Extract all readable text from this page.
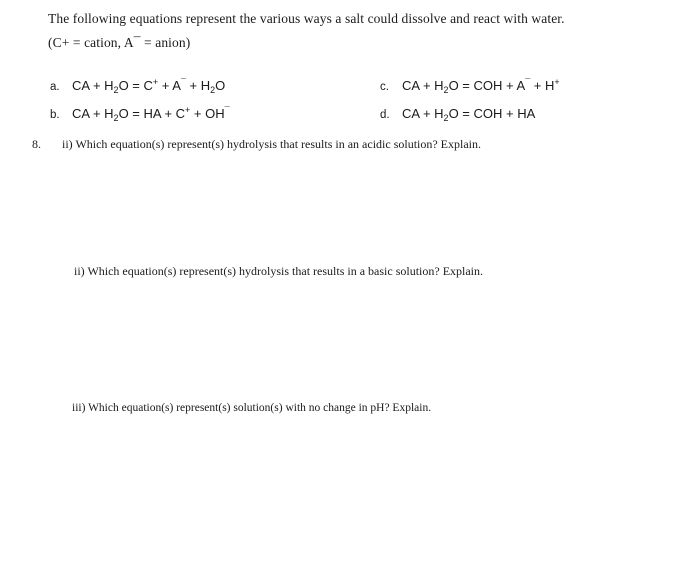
The following equations represent the various ways a salt could dissolve and react with water.
(C+ = cation, A¯ = anion)
a. CA + $H_2O = C^+ + A^¯ + H_2O$
b. CA + $H_2O$ = HA + C+ + OH¯
c. CA + $H_2O$ = COH + A¯ + H+
d. CA + $H_2O$ = COH + HA
8. ii) Which equation(s) represent(s) hydrolysis that results in an acidic solution? Explain.
ii) Which equation(s) represent(s) hydrolysis that results in a basic solution? Explain.
iii) Which equation(s) represent(s) solution(s) with no change in pH? Explain.
